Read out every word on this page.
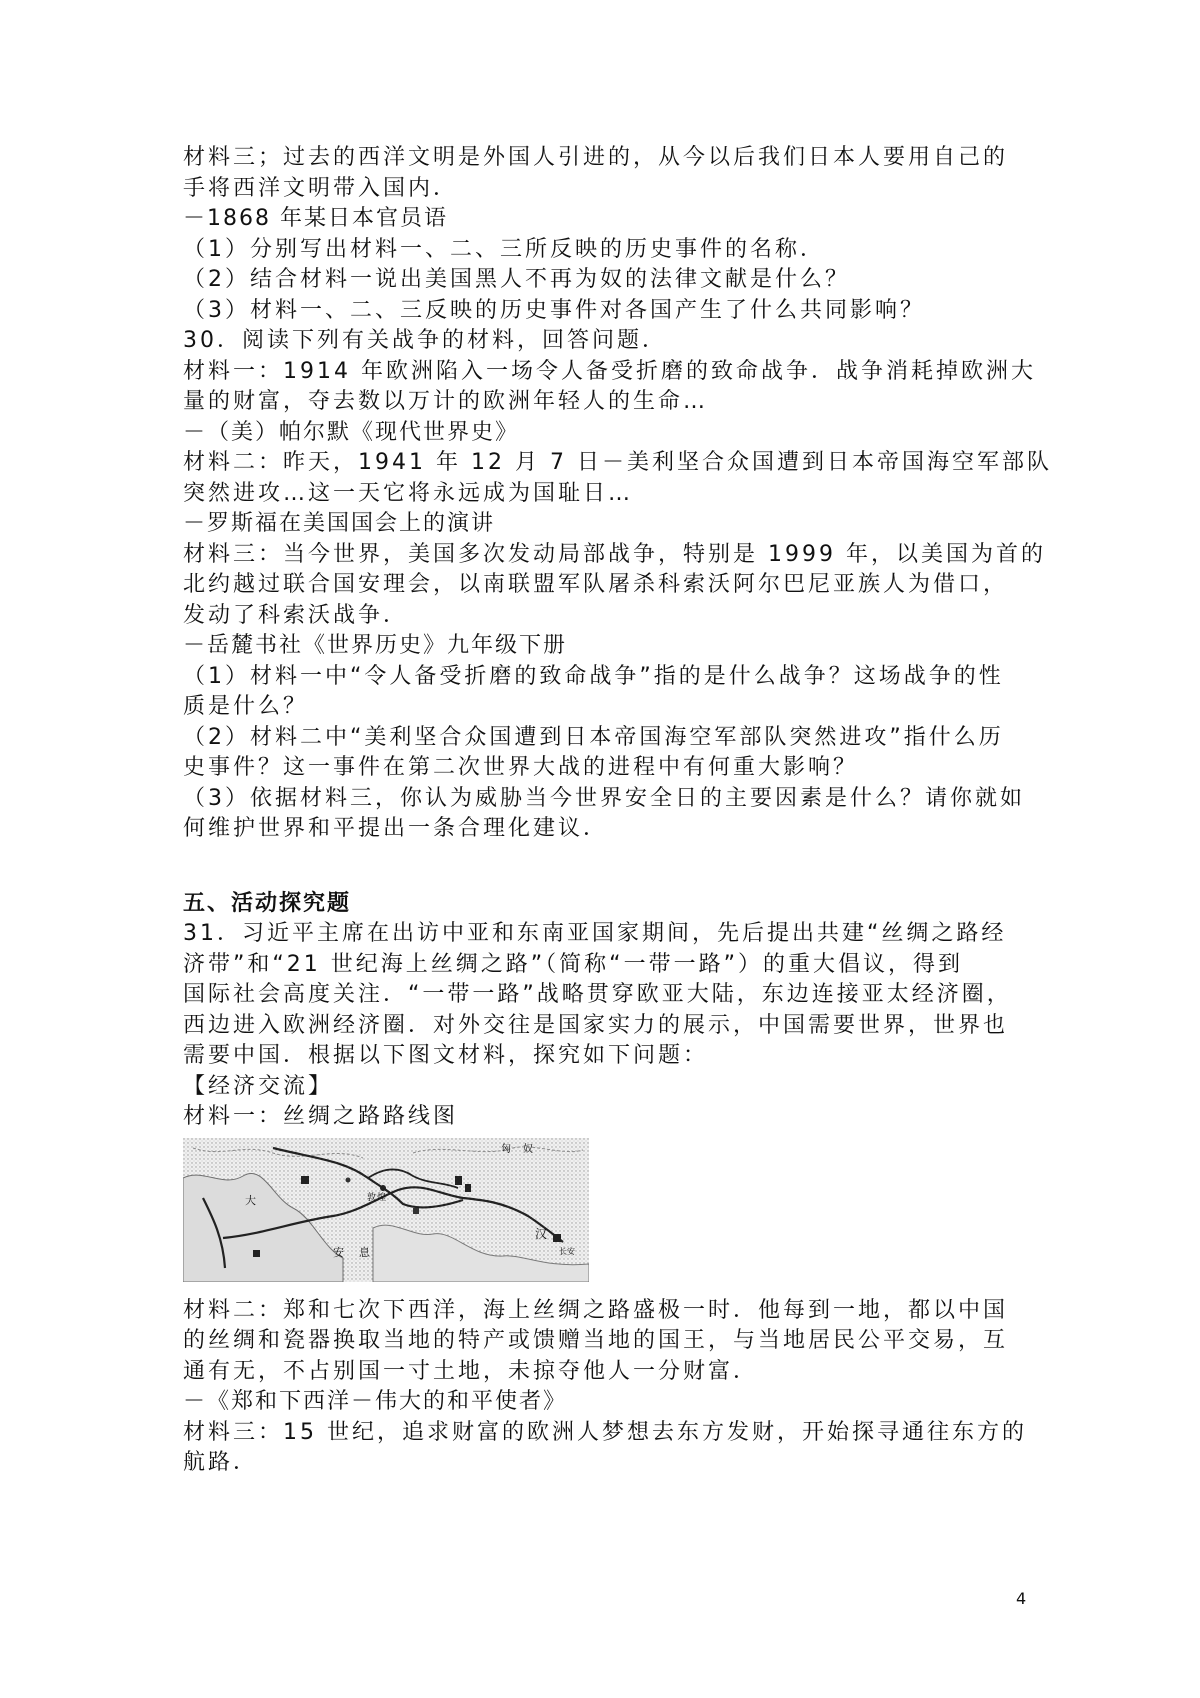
材料三；过去的西洋文明是外国人引进的，从今以后我们日本人要用自己的
手将西洋文明带入国内．
－1868 年某日本官员语
（1）分别写出材料一、二、三所反映的历史事件的名称．
（2）结合材料一说出美国黑人不再为奴的法律文献是什么？
（3）材料一、二、三反映的历史事件对各国产生了什么共同影响？
30．阅读下列有关战争的材料，回答问题．
材料一：1914 年欧洲陷入一场令人备受折磨的致命战争．战争消耗掉欧洲大
量的财富，夺去数以万计的欧洲年轻人的生命…
－（美）帕尔默《现代世界史》
材料二：昨天，1941 年 12 月 7 日－美利坚合众国遭到日本帝国海空军部队
突然进攻…这一天它将永远成为国耻日…
－罗斯福在美国国会上的演讲
材料三：当今世界，美国多次发动局部战争，特别是 1999 年，以美国为首的
北约越过联合国安理会，以南联盟军队屠杀科索沃阿尔巴尼亚族人为借口，
发动了科索沃战争．
－岳麓书社《世界历史》九年级下册
（1）材料一中“令人备受折磨的致命战争”指的是什么战争？这场战争的性
质是什么？
（2）材料二中“美利坚合众国遭到日本帝国海空军部队突然进攻”指什么历
史事件？这一事件在第二次世界大战的进程中有何重大影响？
（3）依据材料三，你认为威胁当今世界安全日的主要因素是什么？请你就如
何维护世界和平提出一条合理化建议．
五、活动探究题
31．习近平主席在出访中亚和东南亚国家期间，先后提出共建“丝绸之路经
济带”和“21 世纪海上丝绸之路”（简称“一带一路”）的重大倡议，得到
国际社会高度关注．“一带一路”战略贯穿欧亚大陆，东边连接亚太经济圈，
西边进入欧洲经济圈．对外交往是国家实力的展示，中国需要世界，世界也
需要中国．根据以下图文材料，探究如下问题：
【经济交流】
材料一：丝绸之路路线图
大
安 息
汉
长安
敦 煌
匈 奴
材料二：郑和七次下西洋，海上丝绸之路盛极一时．他每到一地，都以中国
的丝绸和瓷器换取当地的特产或馈赠当地的国王，与当地居民公平交易，互
通有无，不占别国一寸土地，未掠夺他人一分财富．
－《郑和下西洋－伟大的和平使者》
材料三：15 世纪，追求财富的欧洲人梦想去东方发财，开始探寻通往东方的
航路．
4
